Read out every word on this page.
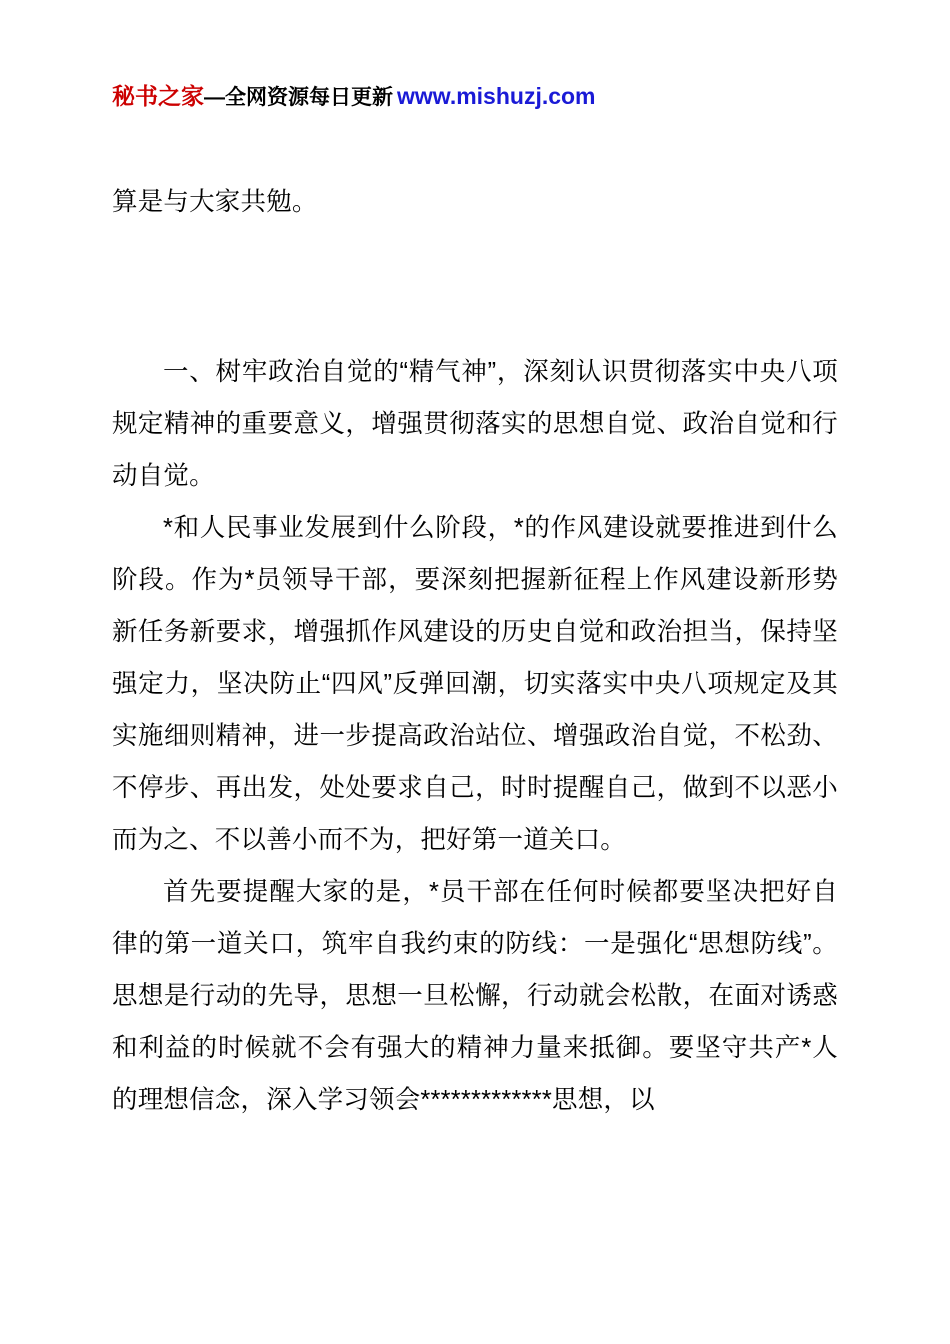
秘书之家—全网资源每日更新 www.mishuzj.com

算是与大家共勉。

一、树牢政治自觉的“精气神”，深刻认识贯彻落实中央八项规定精神的重要意义，增强贯彻落实的思想自觉、政治自觉和行动自觉。

*和人民事业发展到什么阶段，*的作风建设就要推进到什么阶段。作为*员领导干部，要深刻把握新征程上作风建设新形势新任务新要求，增强抓作风建设的历史自觉和政治担当，保持坚强定力，坚决防止“四风”反弹回潮，切实落实中央八项规定及其实施细则精神，进一步提高政治站位、增强政治自觉，不松劲、不停步、再出发，处处要求自己，时时提醒自己，做到不以恶小而为之、不以善小而不为，把好第一道关口。

首先要提醒大家的是，*员干部在任何时候都要坚决把好自律的第一道关口，筑牢自我约束的防线：一是强化“思想防线”。思想是行动的先导，思想一旦松懈，行动就会松散，在面对诱惑和利益的时候就不会有强大的精神力量来抵御。要坚守共产*人的理想信念，深入学习领会*************思想，以
